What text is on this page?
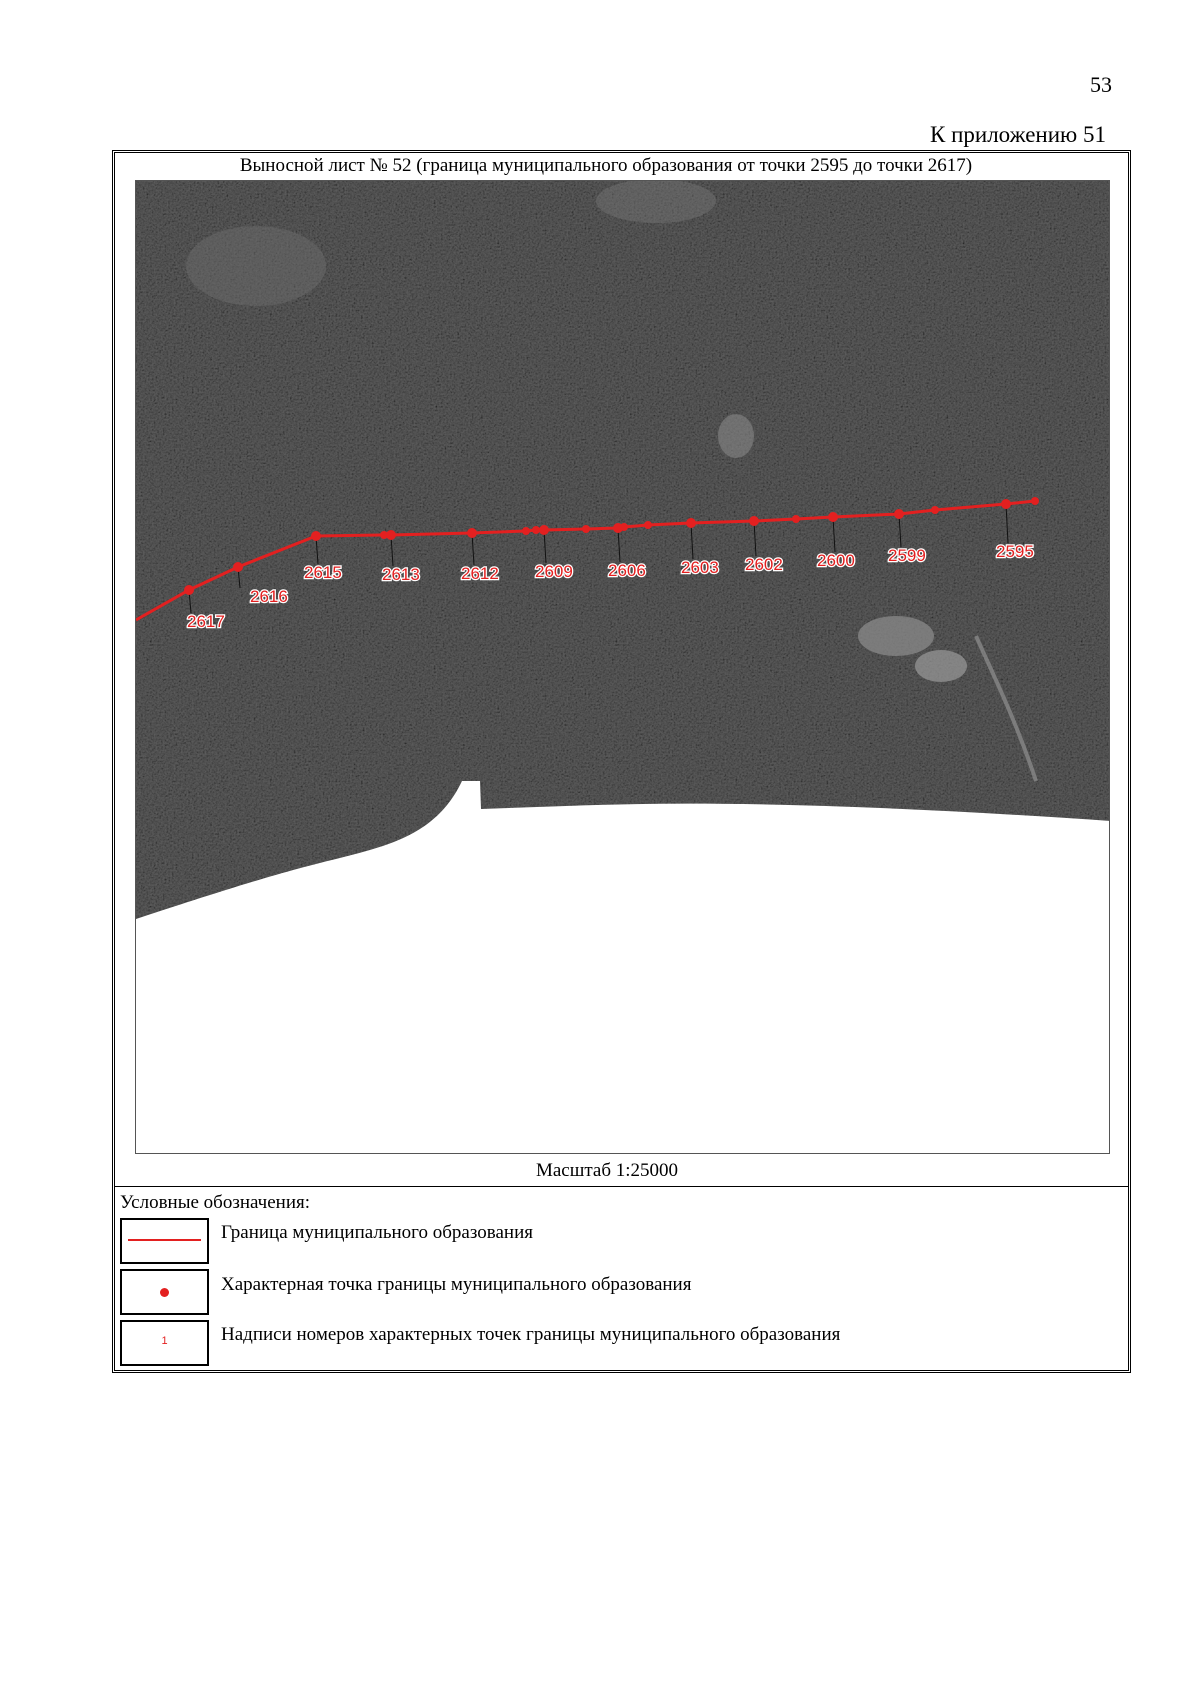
53
К приложению 51
Выносной лист № 52 (граница муниципального образования от точки 2595 до точки 2617)
2617
2616
2615 2613 2612 2609 2606 2603 2602 2600 2599	2595
Масштаб 1:25000
Условные обозначения:
Граница муниципального образования
Характерная точка границы муниципального образования
1	Надписи номеров характерных точек границы муниципального образования
